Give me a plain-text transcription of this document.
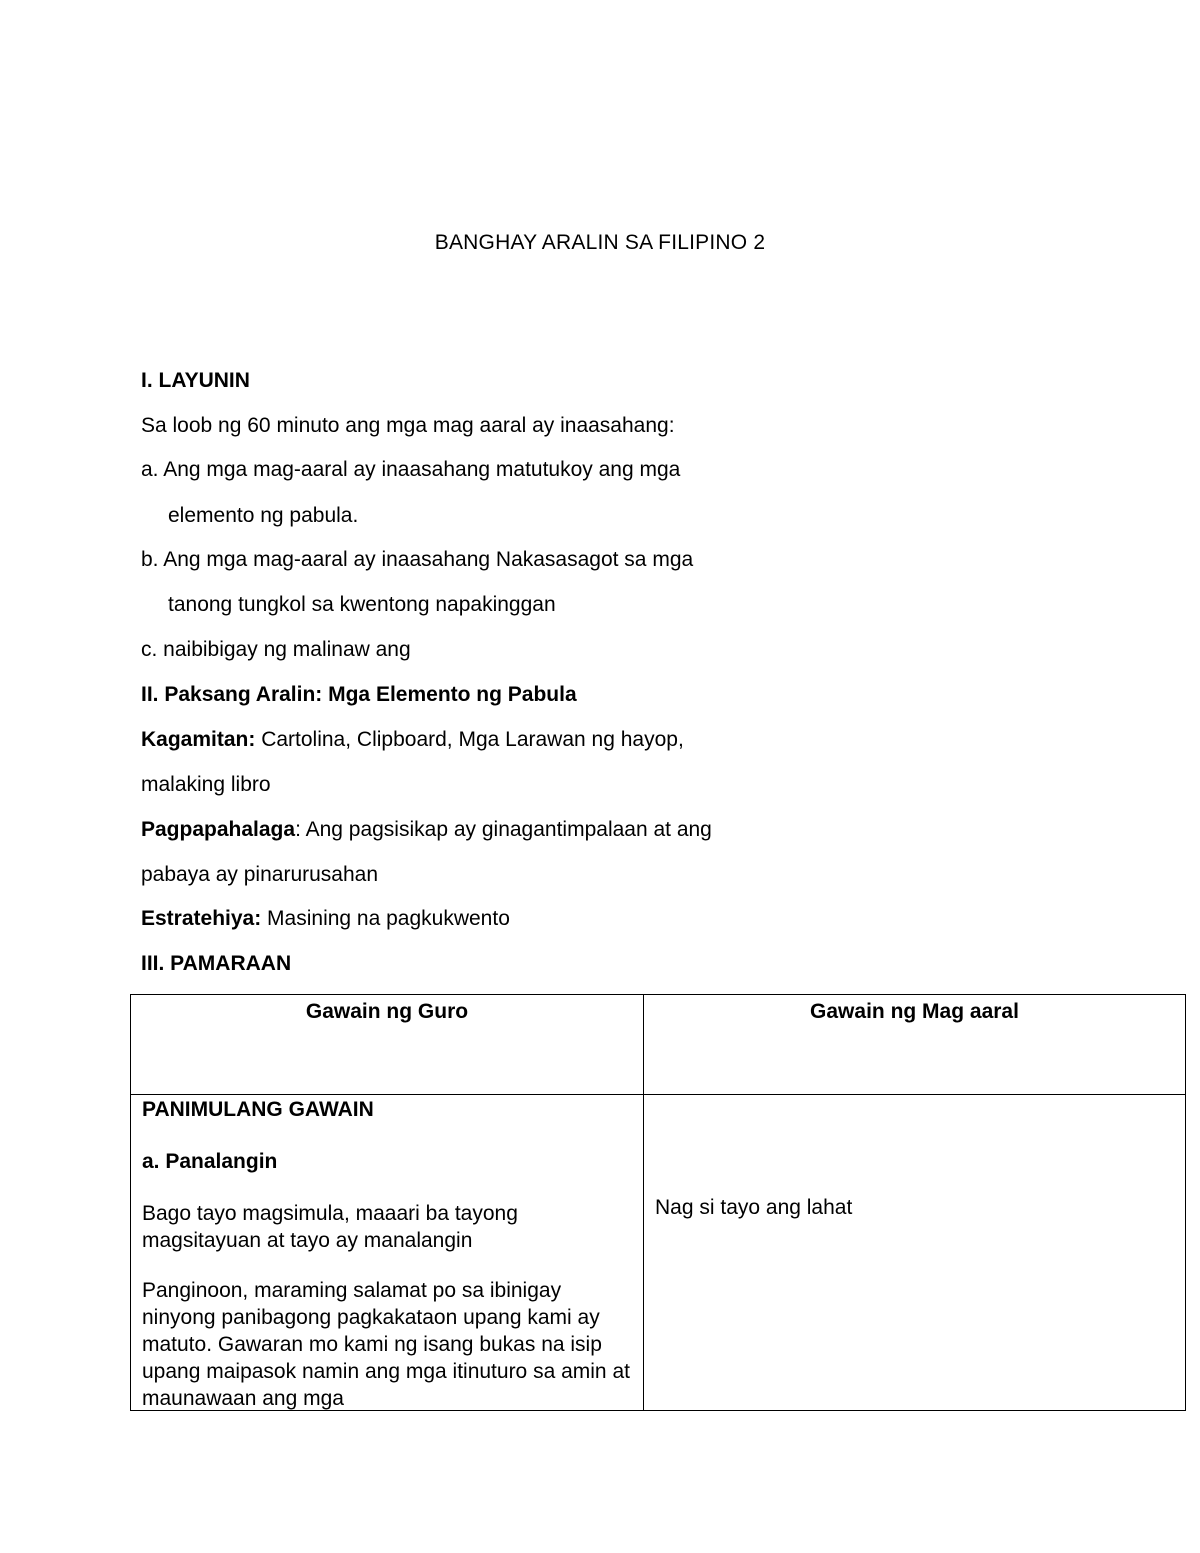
BANGHAY ARALIN SA FILIPINO 2
I. LAYUNIN
Sa loob ng 60 minuto ang mga mag aaral ay inaasahang:
a. Ang mga mag-aaral ay inaasahang matutukoy ang mga
elemento ng pabula.
b. Ang mga mag-aaral ay inaasahang Nakasasagot sa mga
tanong tungkol sa kwentong napakinggan
c. naibibigay ng malinaw ang
II. Paksang Aralin: Mga Elemento ng Pabula
Kagamitan: Cartolina, Clipboard, Mga Larawan ng hayop,
malaking libro
Pagpapahalaga: Ang pagsisikap ay ginagantimpalaan at ang
pabaya ay pinarurusahan
Estratehiya: Masining na pagkukwento
III. PAMARAAN
Gawain ng Guro	Gawain ng Mag aaral

PANIMULANG GAWAIN
a. Panalangin
Bago tayo magsimula, maaari ba tayong magsitayuan at tayo ay manalangin
Panginoon, maraming salamat po sa ibinigay ninyong panibagong pagkakataon upang kami ay matuto. Gawaran mo kami ng isang bukas na isip upang maipasok namin ang mga itinuturo sa amin at maunawaan ang mga	Nag si tayo ang lahat
